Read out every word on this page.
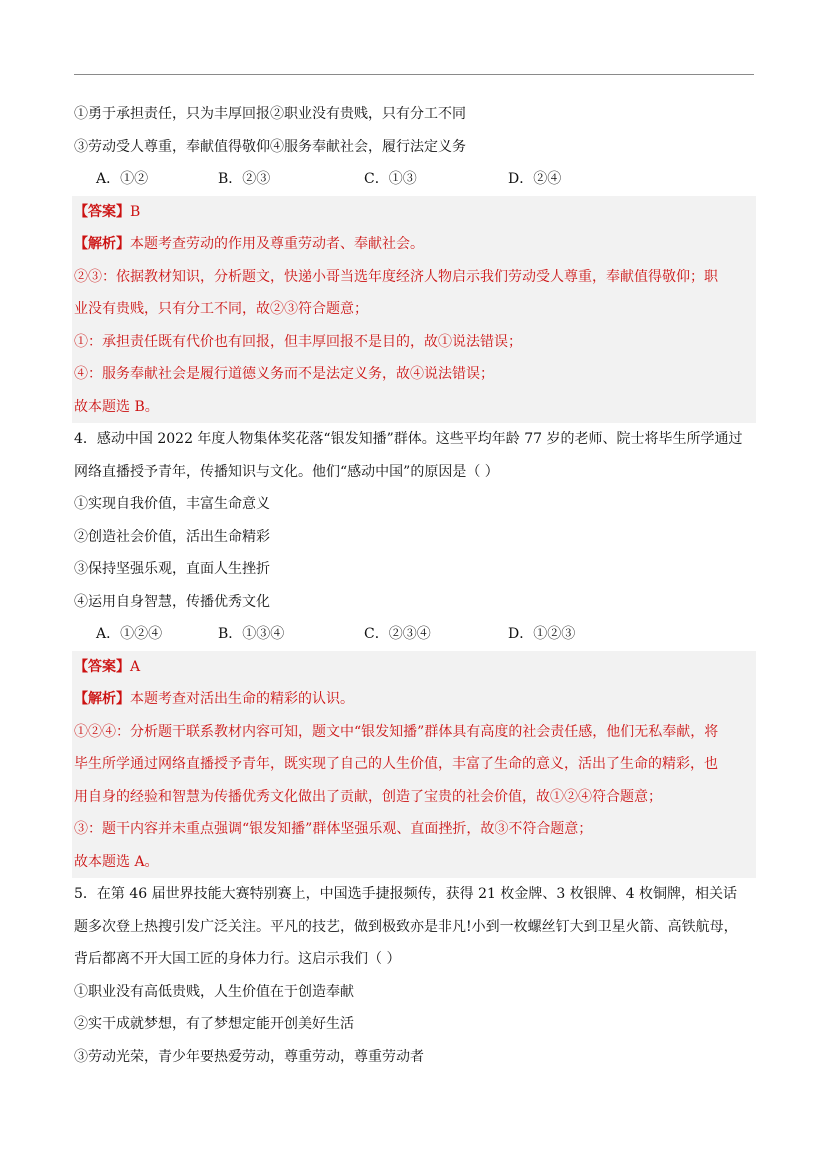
①勇于承担责任，只为丰厚回报②职业没有贵贱，只有分工不同
③劳动受人尊重，奉献值得敬仰④服务奉献社会，履行法定义务
A．①②	B．②③	C．①③	D．②④
【答案】B
【解析】本题考查劳动的作用及尊重劳动者、奉献社会。
②③：依据教材知识，分析题文，快递小哥当选年度经济人物启示我们劳动受人尊重，奉献值得敬仰；职
业没有贵贱，只有分工不同，故②③符合题意；
①：承担责任既有代价也有回报，但丰厚回报不是目的，故①说法错误；
④：服务奉献社会是履行道德义务而不是法定义务，故④说法错误；
故本题选 B。
4．感动中国 2022 年度人物集体奖花落“银发知播”群体。这些平均年龄 77 岁的老师、院士将毕生所学通过
网络直播授予青年，传播知识与文化。他们“感动中国”的原因是（ ）
①实现自我价值，丰富生命意义
②创造社会价值，活出生命精彩
③保持坚强乐观，直面人生挫折
④运用自身智慧，传播优秀文化
A．①②④	B．①③④	C．②③④	D．①②③
【答案】A
【解析】本题考查对活出生命的精彩的认识。
①②④：分析题干联系教材内容可知，题文中“银发知播”群体具有高度的社会责任感，他们无私奉献，将
毕生所学通过网络直播授予青年，既实现了自己的人生价值，丰富了生命的意义，活出了生命的精彩，也
用自身的经验和智慧为传播优秀文化做出了贡献，创造了宝贵的社会价值，故①②④符合题意；
③：题干内容并未重点强调“银发知播”群体坚强乐观、直面挫折，故③不符合题意；
故本题选 A。
5．在第 46 届世界技能大赛特别赛上，中国选手捷报频传，获得 21 枚金牌、3 枚银牌、4 枚铜牌，相关话
题多次登上热搜引发广泛关注。平凡的技艺，做到极致亦是非凡!小到一枚螺丝钉大到卫星火箭、高铁航母，
背后都离不开大国工匠的身体力行。这启示我们（ ）
①职业没有高低贵贱，人生价值在于创造奉献
②实干成就梦想，有了梦想定能开创美好生活
③劳动光荣，青少年要热爱劳动，尊重劳动，尊重劳动者
